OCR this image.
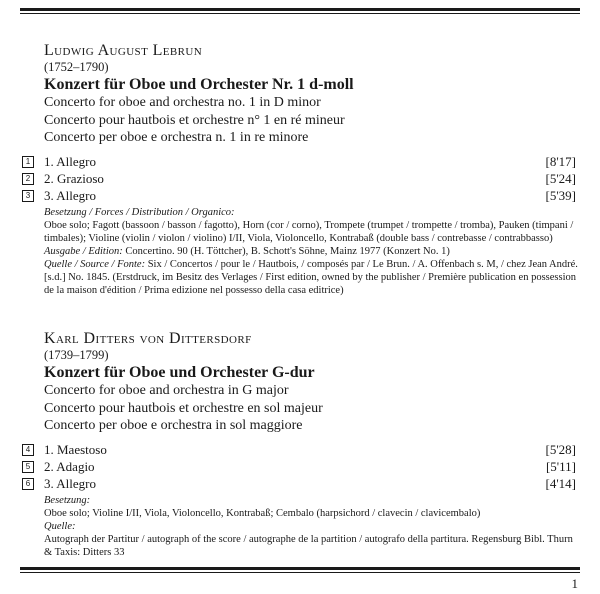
Ludwig August Lebrun

(1752–1790)

Konzert für Oboe und Orchester Nr. 1 d-moll

Concerto for oboe and orchestra no. 1 in D minor

Concerto pour hautbois et orchestre n° 1 en ré mineur

Concerto per oboe e orchestra n. 1 in re minore

1 1. Allegro	[8'17]
2 2. Grazioso	[5'24]
3 3. Allegro	[5'39]

Besetzung / Forces / Distribution / Organico:

Oboe solo; Fagott (bassoon / basson / fagotto), Horn (cor / corno), Trompete (trumpet / trompette / tromba), Pauken (timpani / timbales); Violine (violin / violon / violino) I/II, Viola, Violoncello, Kontrabaß (double bass / contrebasse / contrabbasso)

Ausgabe / Edition: Concertino. 90 (H. Töttcher), B. Schott's Söhne, Mainz 1977 (Konzert No. 1)

Quelle / Source / Fonte: Six / Concertos / pour le / Hautbois, / composés par / Le Brun. / A. Offenbach s. M, / chez Jean André. [s.d.] No. 1845. (Erstdruck, im Besitz des Verlages / First edition, owned by the publisher / Première publication en possession de la maison d'édition / Prima edizione nel possesso della casa editrice)

Karl Ditters von Dittersdorf

(1739–1799)

Konzert für Oboe und Orchester G-dur

Concerto for oboe and orchestra in G major

Concerto pour hautbois et orchestre en sol majeur

Concerto per oboe e orchestra in sol maggiore

4 1. Maestoso	[5'28]
5 2. Adagio	[5'11]
6 3. Allegro	[4'14]

Besetzung:

Oboe solo; Violine I/II, Viola, Violoncello, Kontrabaß; Cembalo (harpsichord / clavecin / clavicembalo)

Quelle:

Autograph der Partitur / autograph of the score / autographe de la partition / autografo della partitura. Regensburg Bibl. Thurn & Taxis: Ditters 33

1
